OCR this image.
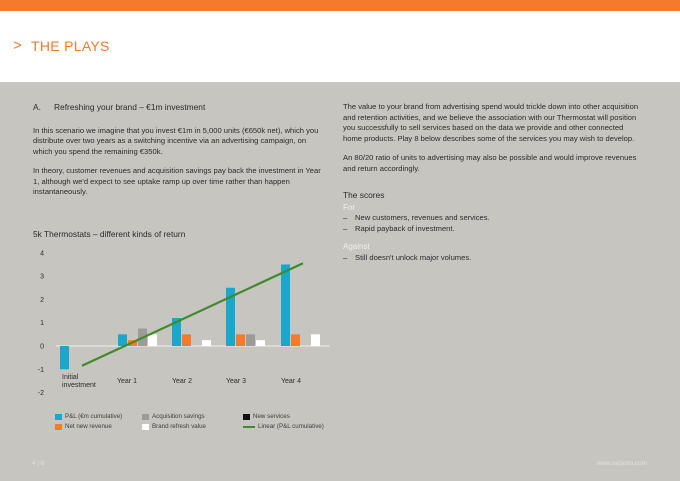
> THE PLAYS

A. Refreshing your brand – €1m investment

In this scenario we imagine that you invest €1m in 5,000 units (€650k net), which you distribute over two years as a switching incentive via an advertising campaign, on which you spend the remaining €350k.

In theory, customer revenues and acquisition savings pay back the investment in Year 1, although we'd expect to see uptake ramp up over time rather than happen instantaneously.

The value to your brand from advertising spend would trickle down into other acquisition and retention activities, and we believe the association with our Thermostat will position you successfully to sell services based on the data we provide and other connected home products. Play 8 below describes some of the services you may wish to develop.

An 80/20 ratio of units to advertising may also be possible and would improve revenues and return accordingly.

The scores

For

–	New customers, revenues and services.
–	Rapid payback of investment.

Against

–	Still doesn't unlock major volumes.
5k Thermostats – different kinds of return
-2
-1
0
1
2
3
4
Initial investment
Year 1	Year 2	Year 3	Year 4
P&L (€m cumulative)	Acquisition savings	New services
Net new revenue	Brand refresh value	Linear (P&L cumulative)
4 | 6	www.netamo.com
